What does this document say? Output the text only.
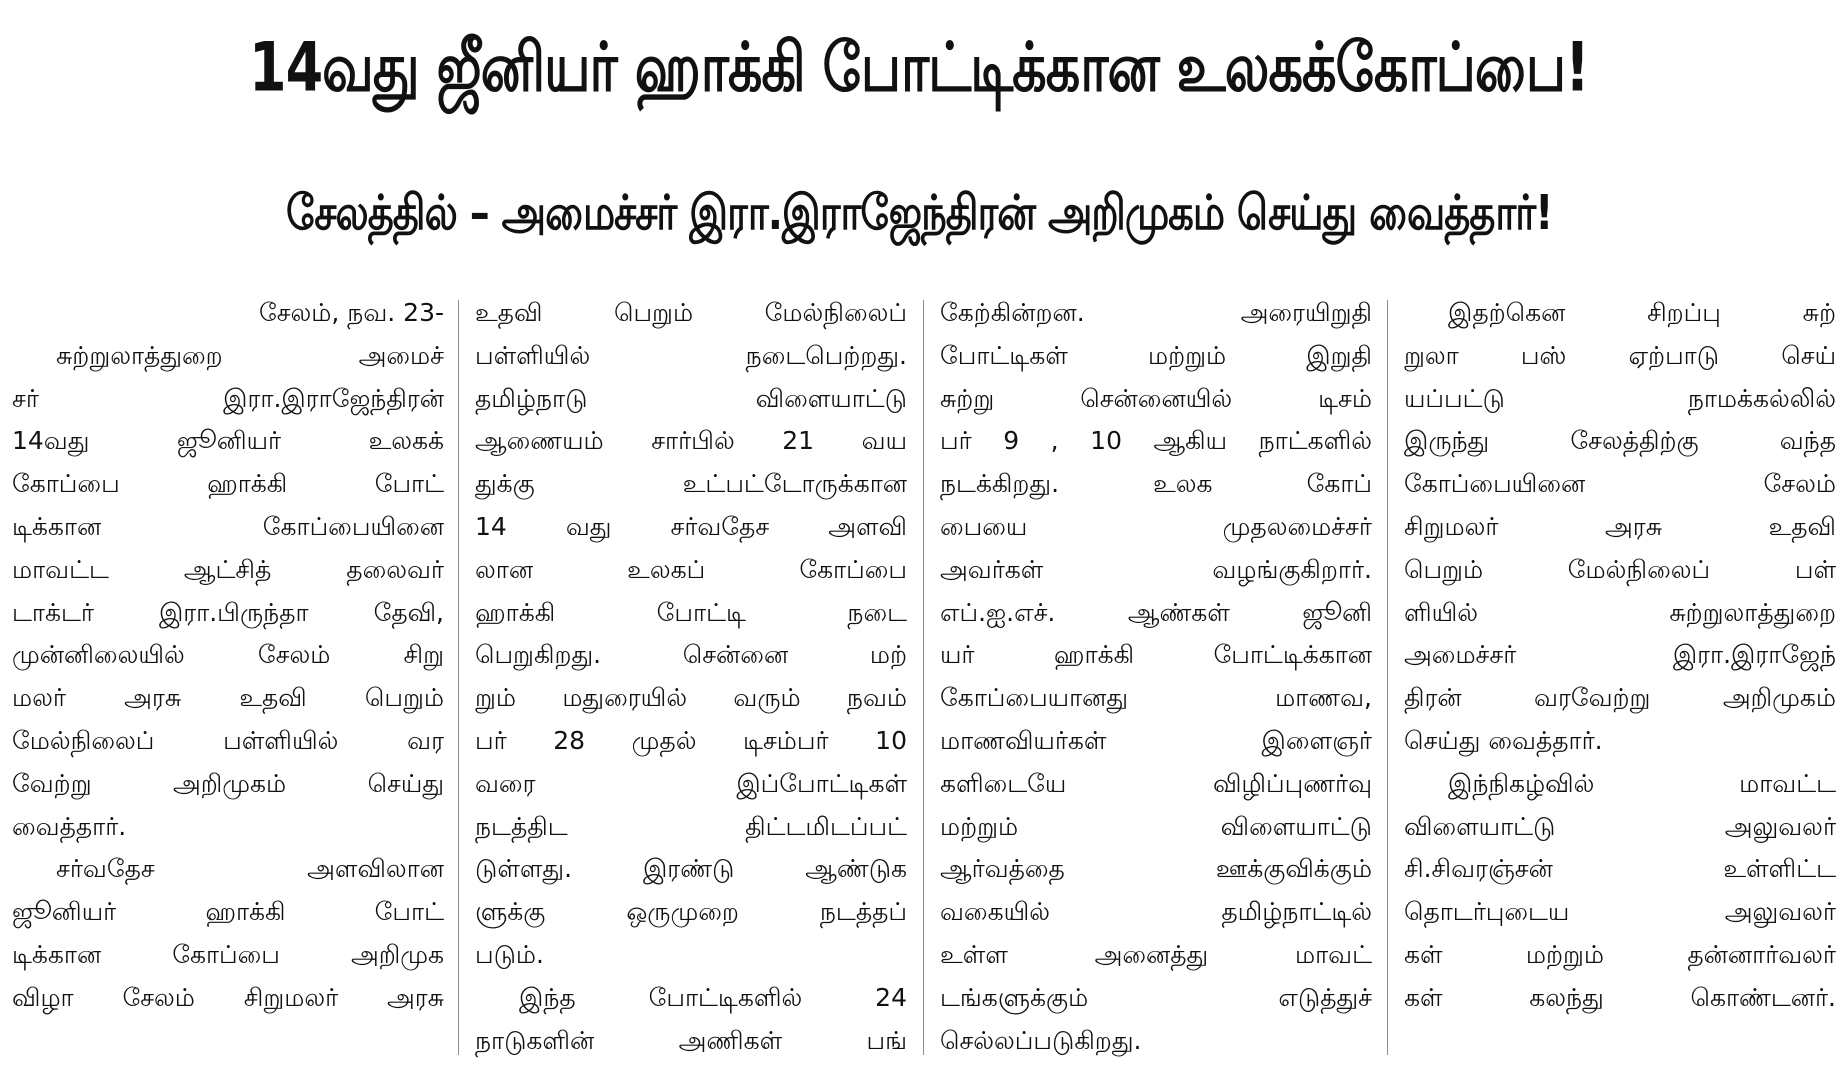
14வது ஜீனியர் ஹாக்கி போட்டிக்கான உலகக்கோப்பை!
சேலத்தில் – அமைச்சர் இரா.இராஜேந்திரன் அறிமுகம் செய்து வைத்தார்!
சேலம், நவ. 23-
சுற்றுலாத்துறை அமைச்
சர் இரா.இராஜேந்திரன்
14வது ஜூனியர் உலகக்
கோப்பை ஹாக்கி போட்
டிக்கான கோப்பையினை
மாவட்ட ஆட்சித் தலைவர்
டாக்டர் இரா.பிருந்தா தேவி,
முன்னிலையில் சேலம் சிறு
மலர் அரசு உதவி பெறும்
மேல்நிலைப் பள்ளியில் வர
வேற்று அறிமுகம் செய்து
வைத்தார்.
சர்வதேச அளவிலான
ஜூனியர் ஹாக்கி போட்
டிக்கான கோப்பை அறிமுக
விழா சேலம் சிறுமலர் அரசு
உதவி பெறும் மேல்நிலைப்
பள்ளியில் நடைபெற்றது.
தமிழ்நாடு விளையாட்டு
ஆணையம் சார்பில் 21 வய
துக்கு உட்பட்டோருக்கான
14 வது சர்வதேச அளவி
லான உலகப் கோப்பை
ஹாக்கி போட்டி நடை
பெறுகிறது. சென்னை மற்
றும் மதுரையில் வரும் நவம்
பர் 28 முதல் டிசம்பர் 10
வரை இப்போட்டிகள்
நடத்திட திட்டமிடப்பட்
டுள்ளது. இரண்டு ஆண்டுக
ளுக்கு ஒருமுறை நடத்தப்
படும்.
இந்த போட்டிகளில் 24
நாடுகளின் அணிகள் பங்
கேற்கின்றன. அரையிறுதி
போட்டிகள் மற்றும் இறுதி
சுற்று சென்னையில் டிசம்
பர் 9 , 10 ஆகிய நாட்களில்
நடக்கிறது. உலக கோப்
பையை முதலமைச்சர்
அவர்கள் வழங்குகிறார்.
எப்.ஐ.எச். ஆண்கள் ஜூனி
யர் ஹாக்கி போட்டிக்கான
கோப்பையானது மாணவ,
மாணவியர்கள் இளைஞர்
களிடையே விழிப்புணர்வு
மற்றும் விளையாட்டு
ஆர்வத்தை ஊக்குவிக்கும்
வகையில் தமிழ்நாட்டில்
உள்ள அனைத்து மாவட்
டங்களுக்கும் எடுத்துச்
செல்லப்படுகிறது.
இதற்கென சிறப்பு சுற்
றுலா பஸ் ஏற்பாடு செய்
யப்பட்டு நாமக்கல்லில்
இருந்து சேலத்திற்கு வந்த
கோப்பையினை சேலம்
சிறுமலர் அரசு உதவி
பெறும் மேல்நிலைப் பள்
ளியில் சுற்றுலாத்துறை
அமைச்சர் இரா.இராஜேந்
திரன் வரவேற்று அறிமுகம்
செய்து வைத்தார்.
இந்நிகழ்வில் மாவட்ட
விளையாட்டு அலுவலர்
சி.சிவரஞ்சன் உள்ளிட்ட
தொடர்புடைய அலுவலர்
கள் மற்றும் தன்னார்வலர்
கள் கலந்து கொண்டனர்.
